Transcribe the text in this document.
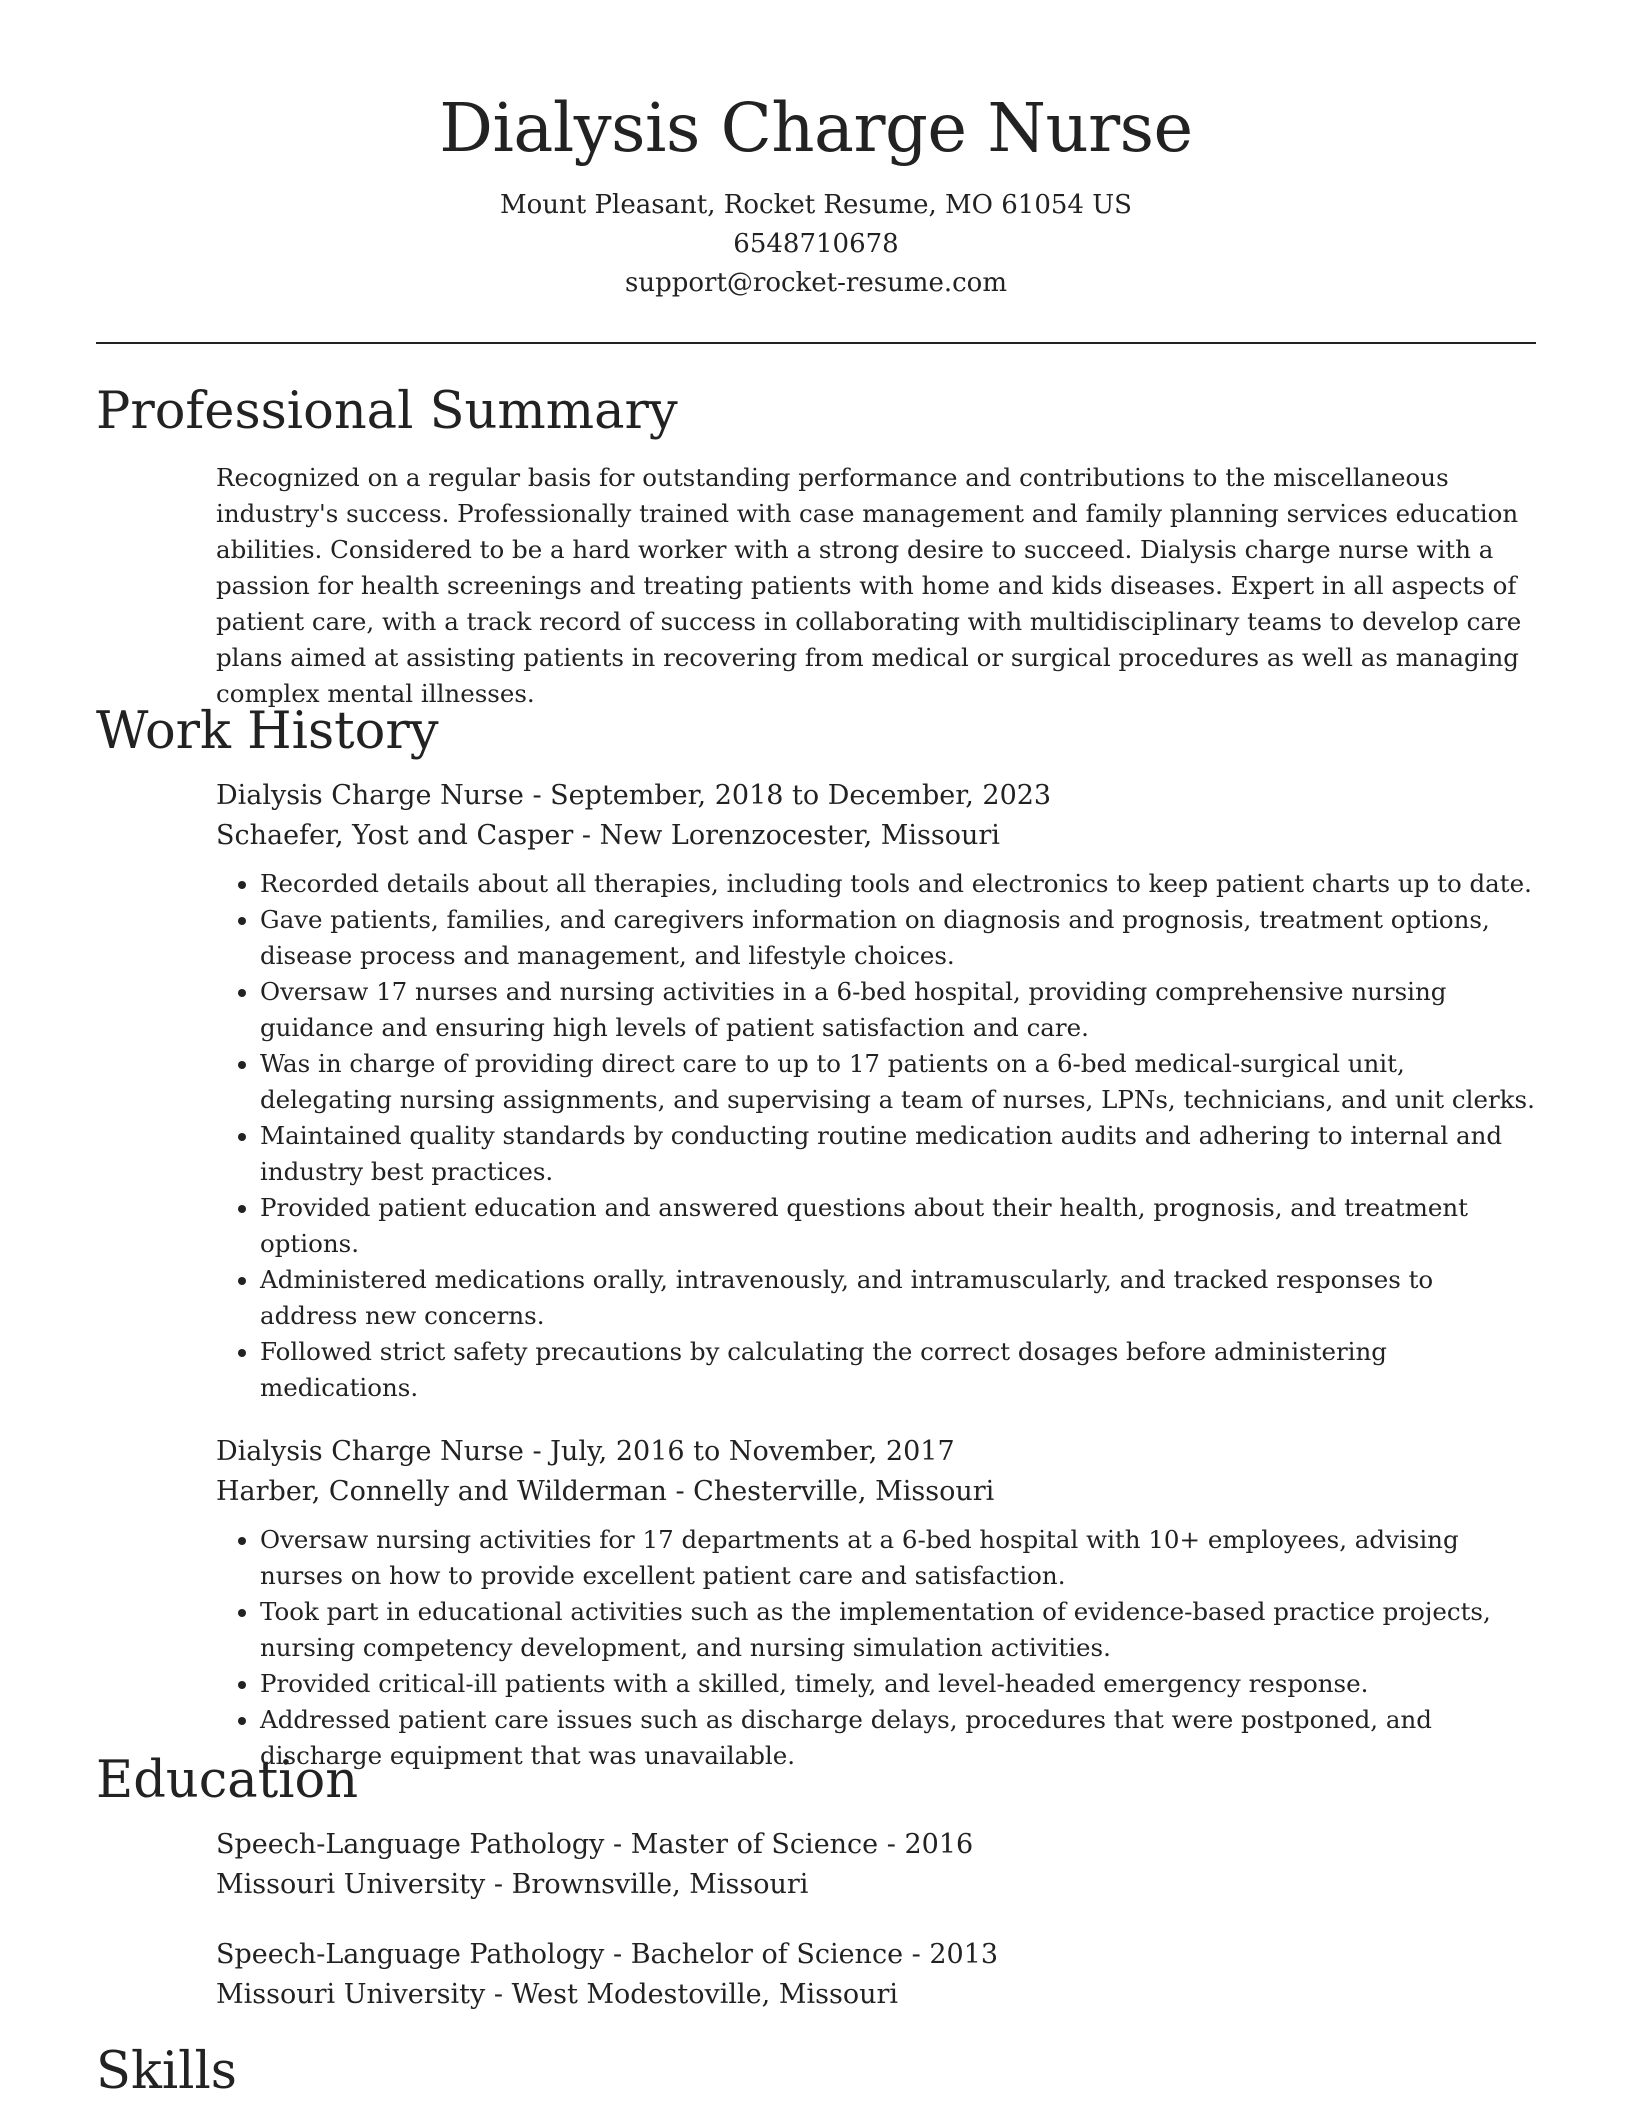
Dialysis Charge Nurse
Mount Pleasant, Rocket Resume, MO 61054 US
6548710678
support@rocket-resume.com
Professional Summary
Recognized on a regular basis for outstanding performance and contributions to the miscellaneous industry's success. Professionally trained with case management and family planning services education abilities. Considered to be a hard worker with a strong desire to succeed. Dialysis charge nurse with a passion for health screenings and treating patients with home and kids diseases. Expert in all aspects of patient care, with a track record of success in collaborating with multidisciplinary teams to develop care plans aimed at assisting patients in recovering from medical or surgical procedures as well as managing complex mental illnesses.
Work History
Dialysis Charge Nurse - September, 2018 to December, 2023
Schaefer, Yost and Casper - New Lorenzocester, Missouri
• Recorded details about all therapies, including tools and electronics to keep patient charts up to date.
• Gave patients, families, and caregivers information on diagnosis and prognosis, treatment options, disease process and management, and lifestyle choices.
• Oversaw 17 nurses and nursing activities in a 6-bed hospital, providing comprehensive nursing guidance and ensuring high levels of patient satisfaction and care.
• Was in charge of providing direct care to up to 17 patients on a 6-bed medical-surgical unit, delegating nursing assignments, and supervising a team of nurses, LPNs, technicians, and unit clerks.
• Maintained quality standards by conducting routine medication audits and adhering to internal and industry best practices.
• Provided patient education and answered questions about their health, prognosis, and treatment options.
• Administered medications orally, intravenously, and intramuscularly, and tracked responses to address new concerns.
• Followed strict safety precautions by calculating the correct dosages before administering medications.
Dialysis Charge Nurse - July, 2016 to November, 2017
Harber, Connelly and Wilderman - Chesterville, Missouri
• Oversaw nursing activities for 17 departments at a 6-bed hospital with 10+ employees, advising nurses on how to provide excellent patient care and satisfaction.
• Took part in educational activities such as the implementation of evidence-based practice projects, nursing competency development, and nursing simulation activities.
• Provided critical-ill patients with a skilled, timely, and level-headed emergency response.
• Addressed patient care issues such as discharge delays, procedures that were postponed, and discharge equipment that was unavailable.
Education
Speech-Language Pathology - Master of Science - 2016
Missouri University - Brownsville, Missouri
Speech-Language Pathology - Bachelor of Science - 2013
Missouri University - West Modestoville, Missouri
Skills
